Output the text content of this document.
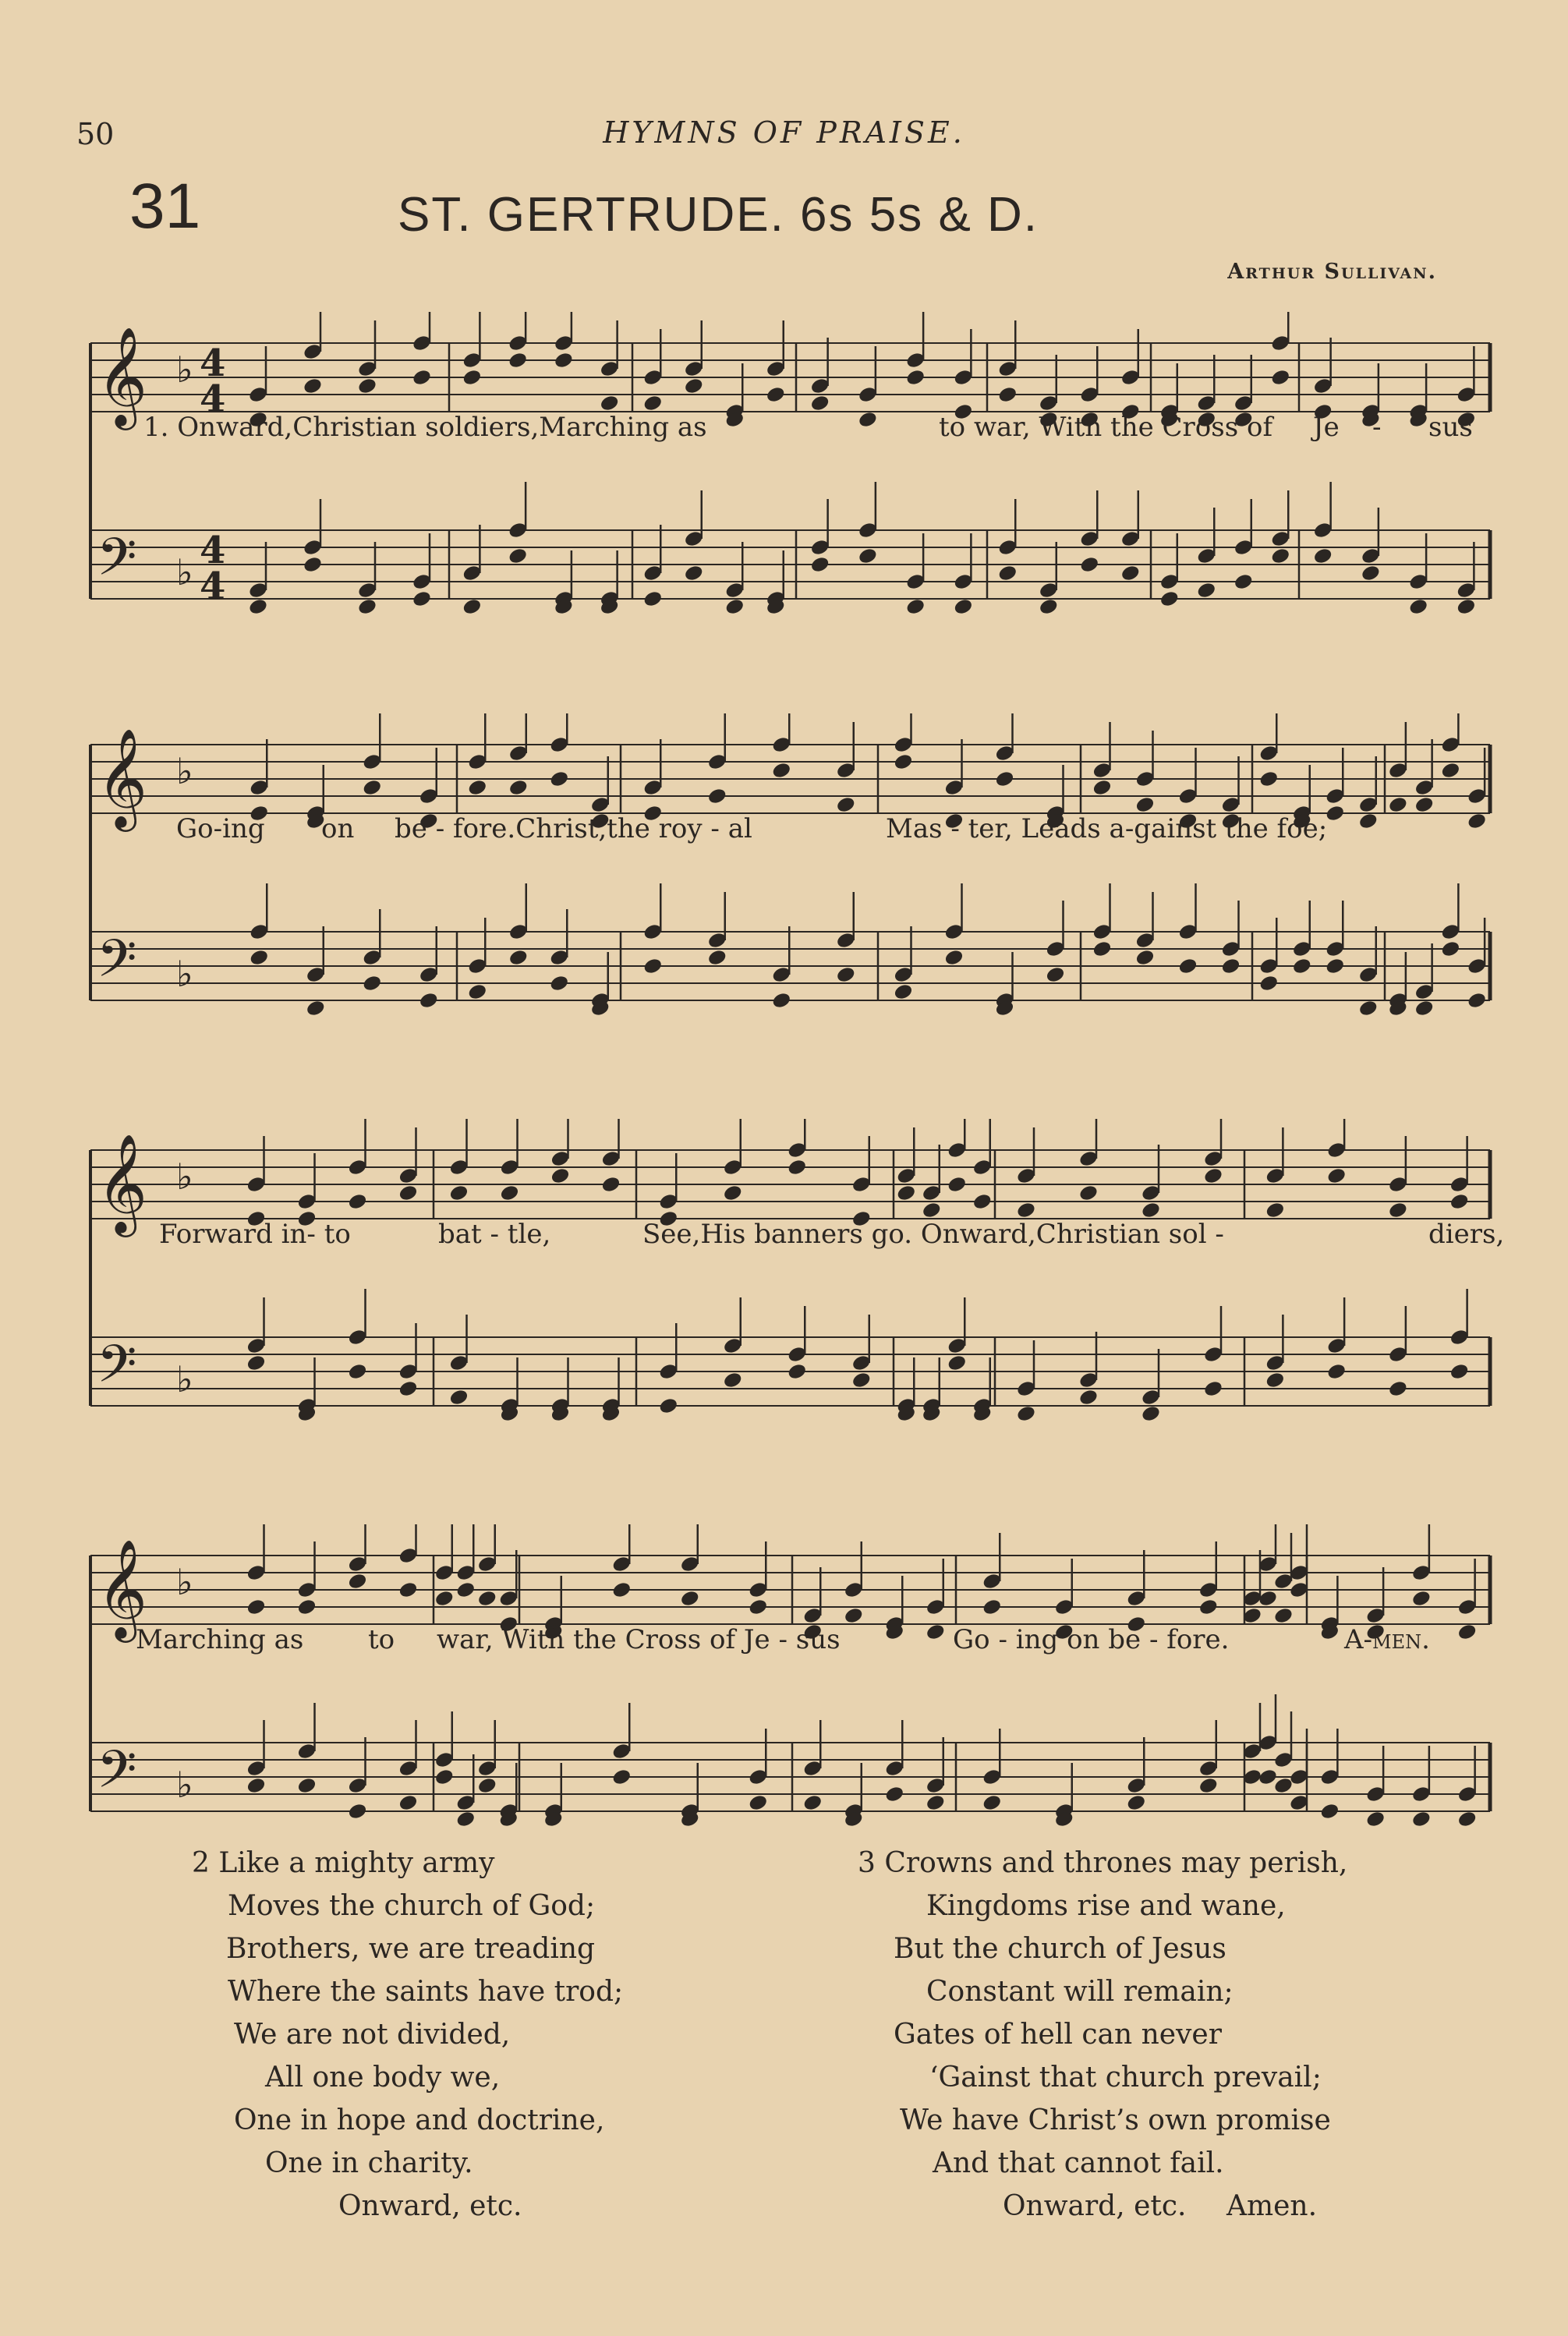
50	HYMNS OF PRAISE.
31	ST. GERTRUDE. 6s 5s & D.
Arthur Sullivan.
𝄞 ♭ 4
4
𝄢 ♭ 4
4
1. Onward,Christian soldiers,Marching as	to war, With the Cross of Je - sus
𝄞 ♭
𝄢 ♭
Go-ing on be - fore.Christ,the roy - al	Mas - ter, Leads a-gainst the foe;
𝄞 ♭
𝄢 ♭
Forward in- to	bat - tle,	See,His banners go. Onward,Christian sol -	diers,
𝄞 ♭
𝄢 ♭
Marching as to war, With the Cross of Je - sus	Go - ing on be - fore.	A-men.
2 Like a mighty army
Moves the church of God;
Brothers, we are treading
Where the saints have trod;
We are not divided,
All one body we,
One in hope and doctrine,
One in charity.
Onward, etc.
3 Crowns and thrones may perish,
Kingdoms rise and wane,
But the church of Jesus
Constant will remain;
Gates of hell can never
‘Gainst that church prevail;
We have Christ’s own promise
And that cannot fail.
Onward, etc. Amen.
